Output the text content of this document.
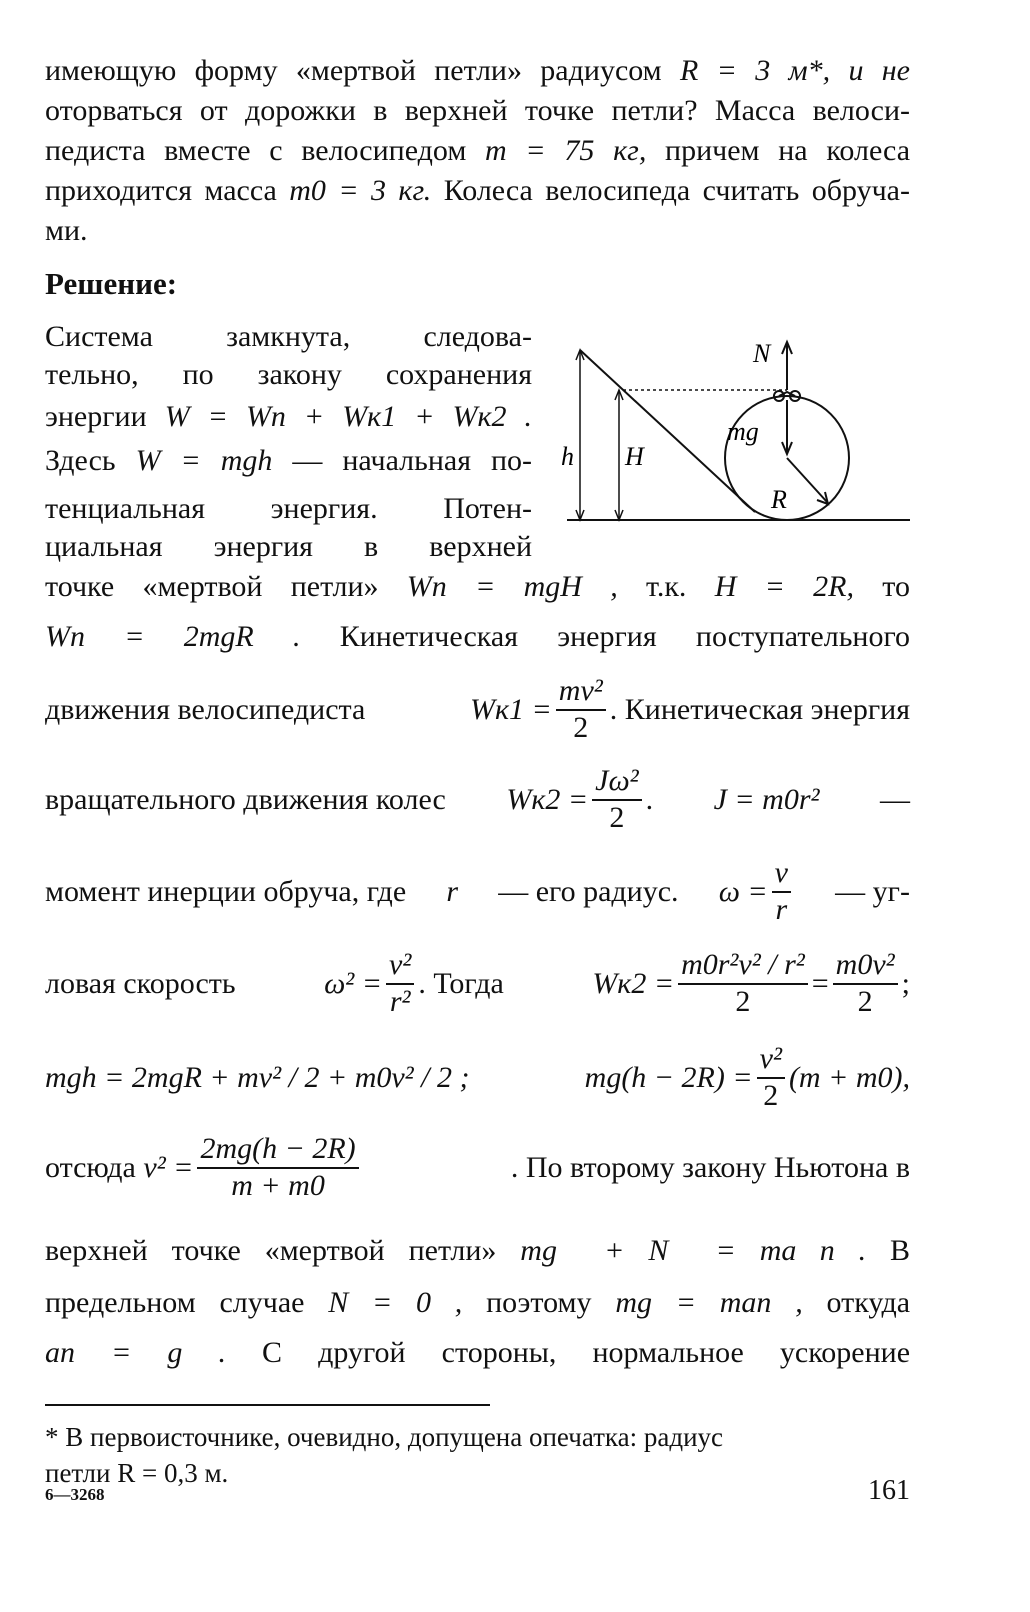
имеющую форму «мертвой петли» радиусом R = 3 м*, и не
оторваться от дорожки в верхней точке петли? Масса велоси-
педиста вместе с велосипедом m = 75 кг, причем на колеса
приходится масса m0 = 3 кг. Колеса велосипеда считать обруча-
ми.
Решение:
Система замкнута, следова-
тельно, по закону сохранения
энергии W = Wп + Wк1 + Wк2 .
Здесь W = mgh — начальная по-
тенциальная энергия. Потен-
циальная энергия в верхней
N⃗
mg⃗
h H
R
точке «мертвой петли» Wп = mgH , т.к. H = 2R, то
Wп = 2mgR . Кинетическая энергия поступательного
движения велосипедиста	$Wк1 = \frac{\text{mv²}}{2}$ . Кинетическая энергия
вращательного движения колес $Wк2 = \frac{\text{Jω²}}{2}$ . J = m0r² —
момент инерции обруча, где r — его радиус. $\omega = \frac{v}{r}$ — уг-
ловая скорость	$\omega^2 = \frac{\text{v²}}{\text{r²}}$ . Тогда	$Wк2 = \frac{\text{m0r²v² / r²}}{2} = \frac{\text{m0v²}}{2}$ ;
mgh = 2mgR + mv² / 2 + m0v² / 2 ;	$mg(h - 2R) = \frac{\text{v²}}{2} (m + m0)$,
отсюда
$v^2 = \frac{2mg(h - 2R)}{m + m0}$	. По второму закону Ньютона в
верхней точке «мертвой петли» mg⃗ + N⃗ = ma⃗n . В
предельном случае N = 0 , поэтому mg = man , откуда
an = g . С другой стороны, нормальное ускорение
* В первоисточнике, очевидно, допущена опечатка: радиус
петли R = 0,3 м.
6—3268	161
